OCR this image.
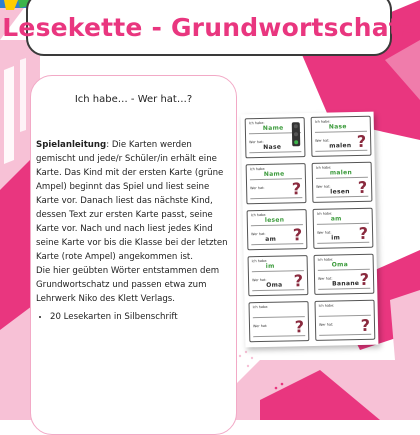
Lesekette - Grundwortschatz
Ich habe… - Wer hat…?

Spielanleitung: Die Karten werden gemischt und jede/r Schüler/in erhält eine Karte. Das Kind mit der ersten Karte (grüne Ampel) beginnt das Spiel und liest seine Karte vor. Danach liest das nächste Kind, dessen Text zur ersten Karte passt, seine Karte vor. Nach und nach liest jedes Kind seine Karte vor bis die Klasse bei der letzten Karte (rote Ampel) angekommen ist.

Die hier geübten Wörter entstammen dem Grundwortschatz und passen etwa zum Lehrwerk Niko des Klett Verlags.

• 20 Lesekarten in Silbenschrift
Ich habe:
Name
Wer hat:
Nase
Ich habe:
Name
Wer hat:	?
Ich habe:
Nase
Wer hat:
malen ?
Ich habe:
malen
Wer hat:
lesen ?
Ich habe:
lesen
Wer hat:
am ?
Ich habe:
am
Wer hat:
im ?
Ich habe:
im
Wer hat:
Oma ?
Ich habe:
Oma
Wer hat:
Banane ?
Ich habe:
Wer hat:	?
Ich habe:
Wer hat:	?
